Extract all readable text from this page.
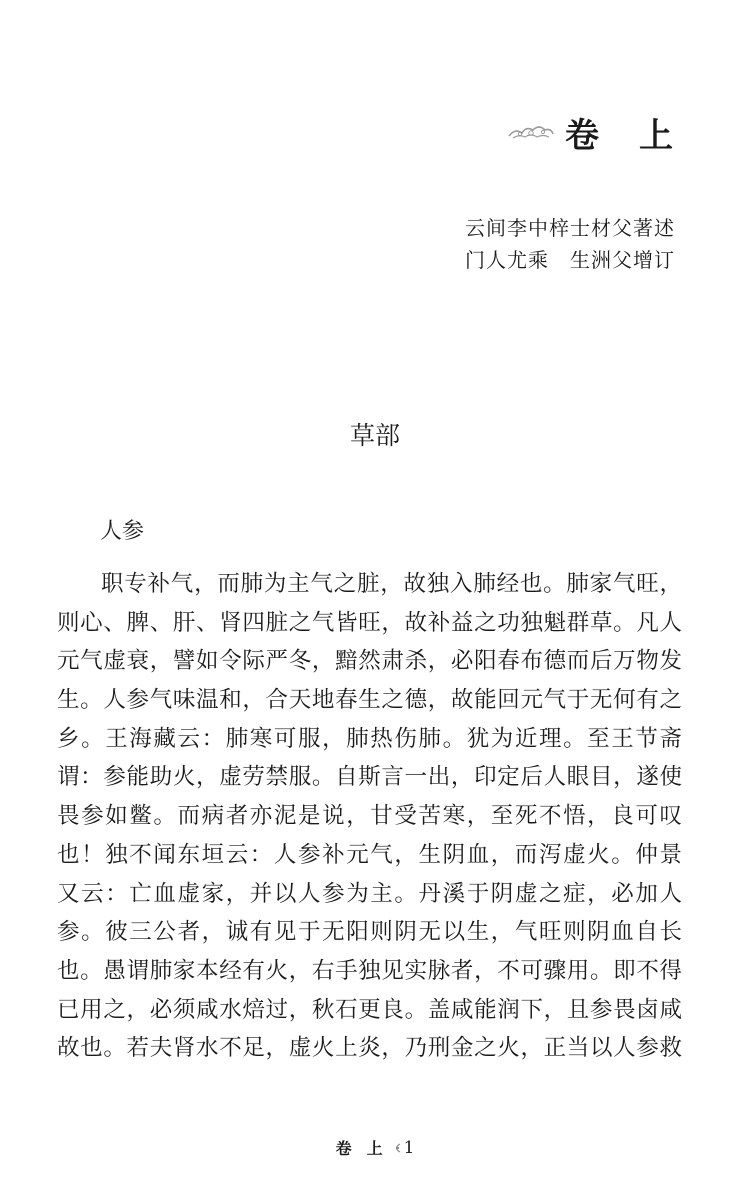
卷 上
云间李中梓士材父著述
门人尤乘　生洲父增订
草部
人参
职专补气，而肺为主气之脏，故独入肺经也。肺家气旺，
则心、脾、肝、肾四脏之气皆旺，故补益之功独魁群草。凡人
元气虚衰，譬如令际严冬，黯然肃杀，必阳春布德而后万物发
生。人参气味温和，合天地春生之德，故能回元气于无何有之
乡。王海藏云：肺寒可服，肺热伤肺。犹为近理。至王节斋
谓：参能助火，虚劳禁服。自斯言一出，印定后人眼目，遂使
畏参如鳖。而病者亦泥是说，甘受苦寒，至死不悟，良可叹
也！独不闻东垣云：人参补元气，生阴血，而泻虚火。仲景
又云：亡血虚家，并以人参为主。丹溪于阴虚之症，必加人
参。彼三公者，诚有见于无阳则阴无以生，气旺则阴血自长
也。愚谓肺家本经有火，右手独见实脉者，不可骤用。即不得
已用之，必须咸水焙过，秋石更良。盖咸能润下，且参畏卤咸
故也。若夫肾水不足，虚火上炎，乃刑金之火，正当以人参救
卷 上 1
